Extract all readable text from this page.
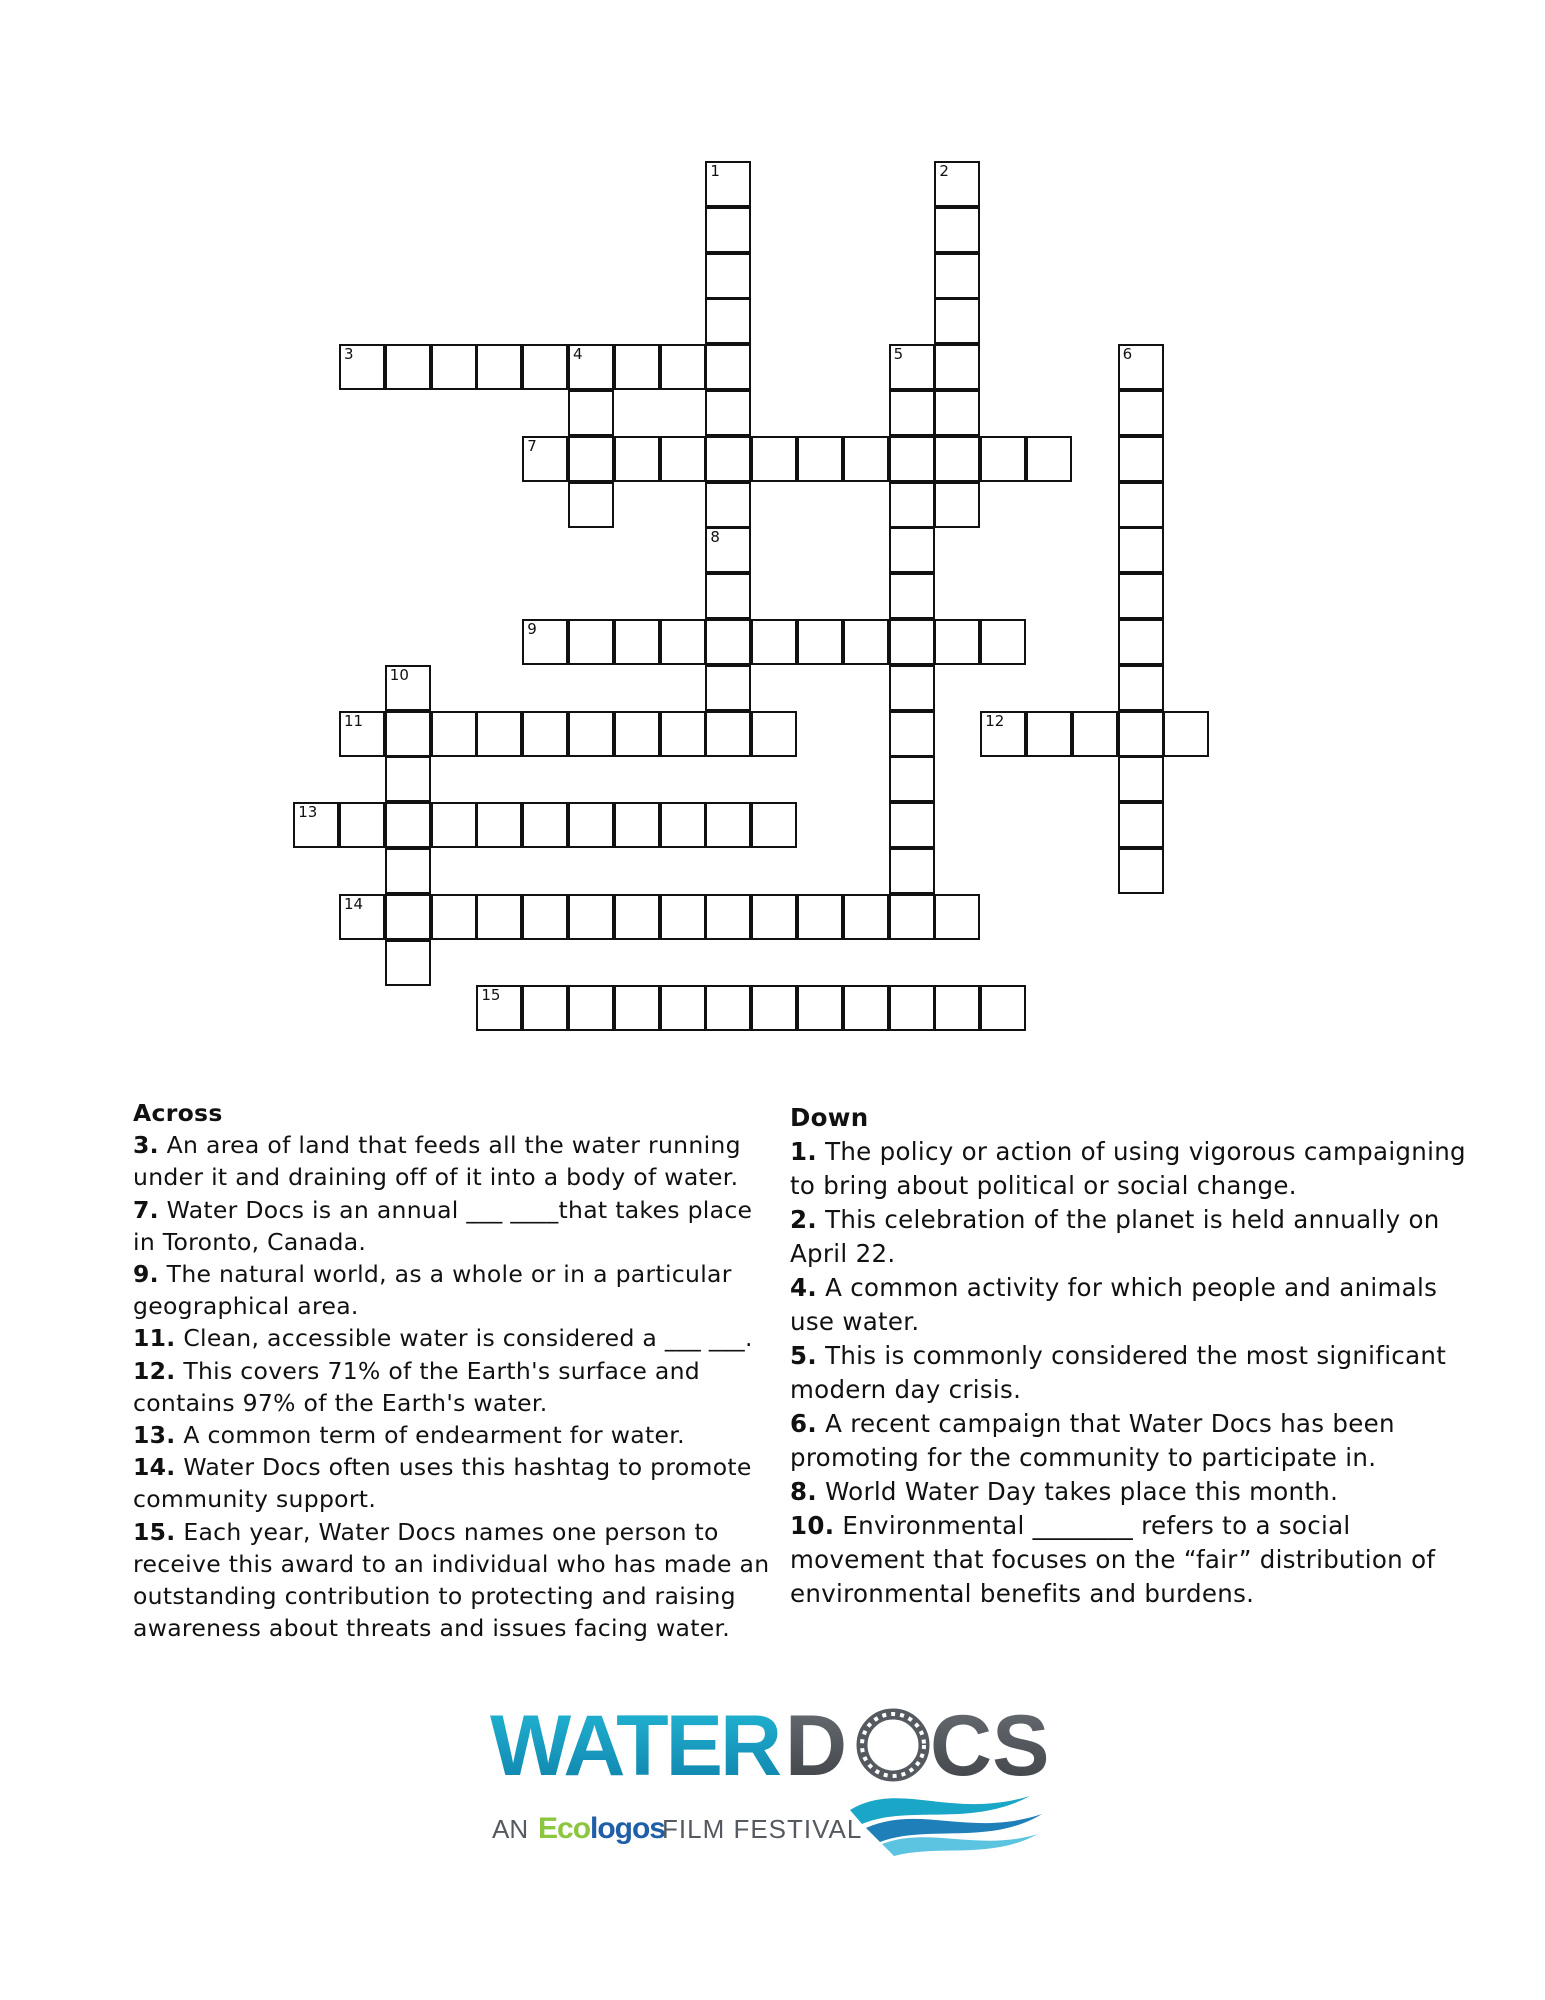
1	2
3	4	5	6
7
8
9
10
11	12
13
14
15
Across

3. An area of land that feeds all the water running under it and draining off of it into a body of water.

7. Water Docs is an annual ___ ____that takes place in Toronto, Canada.

9. The natural world, as a whole or in a particular geographical area.

11. Clean, accessible water is considered a ___ ___.

12. This covers 71% of the Earth's surface and contains 97% of the Earth's water.

13. A common term of endearment for water.

14. Water Docs often uses this hashtag to promote community support.

15. Each year, Water Docs names one person to receive this award to an individual who has made an outstanding contribution to protecting and raising awareness about threats and issues facing water.

Down

1. The policy or action of using vigorous campaigning to bring about political or social change.

2. This celebration of the planet is held annually on April 22.

4. A common activity for which people and animals use water.

5. This is commonly considered the most significant modern day crisis.

6. A recent campaign that Water Docs has been promoting for the community to participate in.

8. World Water Day takes place this month.

10. Environmental ________ refers to a social movement that focuses on the “fair” distribution of environmental benefits and burdens.

WATER D CS
AN Eco logos
FILM FESTIVAL
